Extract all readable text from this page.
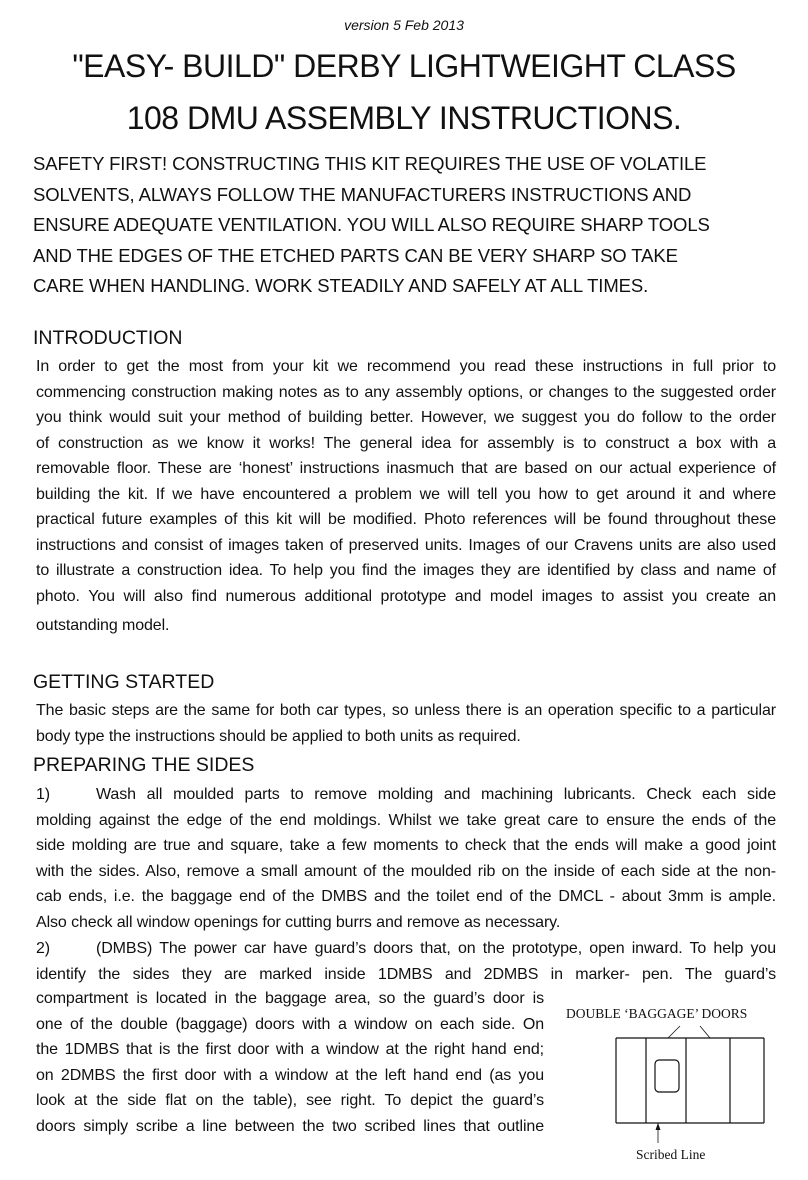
version 5 Feb 2013
"EASY- BUILD" DERBY LIGHTWEIGHT CLASS
108 DMU ASSEMBLY INSTRUCTIONS.
SAFETY FIRST! CONSTRUCTING THIS KIT REQUIRES THE USE OF VOLATILE
SOLVENTS, ALWAYS FOLLOW THE MANUFACTURERS INSTRUCTIONS AND
ENSURE ADEQUATE VENTILATION. YOU WILL ALSO REQUIRE SHARP TOOLS
AND THE EDGES OF THE ETCHED PARTS CAN BE VERY SHARP SO TAKE
CARE WHEN HANDLING. WORK STEADILY AND SAFELY AT ALL TIMES.
INTRODUCTION
In order to get the most from your kit we recommend you read these instructions in full prior to
commencing construction making notes as to any assembly options, or changes to the suggested order
you think would suit your method of building better. However, we suggest you do follow to the order
of construction as we know it works! The general idea for assembly is to construct a box with a
removable floor. These are ‘honest’ instructions inasmuch that are based on our actual experience of
building the kit. If we have encountered a problem we will tell you how to get around it and where
practical future examples of this kit will be modified. Photo references will be found throughout these
instructions and consist of images taken of preserved units. Images of our Cravens units are also used
to illustrate a construction idea. To help you find the images they are identified by class and name of
photo. You will also find numerous additional prototype and model images to assist you create an
outstanding model.
GETTING STARTED
The basic steps are the same for both car types, so unless there is an operation specific to a particular
body type the instructions should be applied to both units as required.
PREPARING THE SIDES
1)	Wash all moulded parts to remove molding and machining lubricants. Check each side
molding against the edge of the end moldings. Whilst we take great care to ensure the ends of the
side molding are true and square, take a few moments to check that the ends will make a good joint
with the sides. Also, remove a small amount of the moulded rib on the inside of each side at the non-
cab ends, i.e. the baggage end of the DMBS and the toilet end of the DMCL - about 3mm is ample.
Also check all window openings for cutting burrs and remove as necessary.
2)	(DMBS) The power car have guard’s doors that, on the prototype, open inward. To help you
identify the sides they are marked inside 1DMBS and 2DMBS in marker- pen. The guard’s
compartment is located in the baggage area, so the guard’s door is
one of the double (baggage) doors with a window on each side. On
the 1DMBS that is the first door with a window at the right hand end;
on 2DMBS the first door with a window at the left hand end (as you
look at the side flat on the table), see right. To depict the guard’s
doors simply scribe a line between the two scribed lines that outline
DOUBLE ‘BAGGAGE’ DOORS
Scribed Line
